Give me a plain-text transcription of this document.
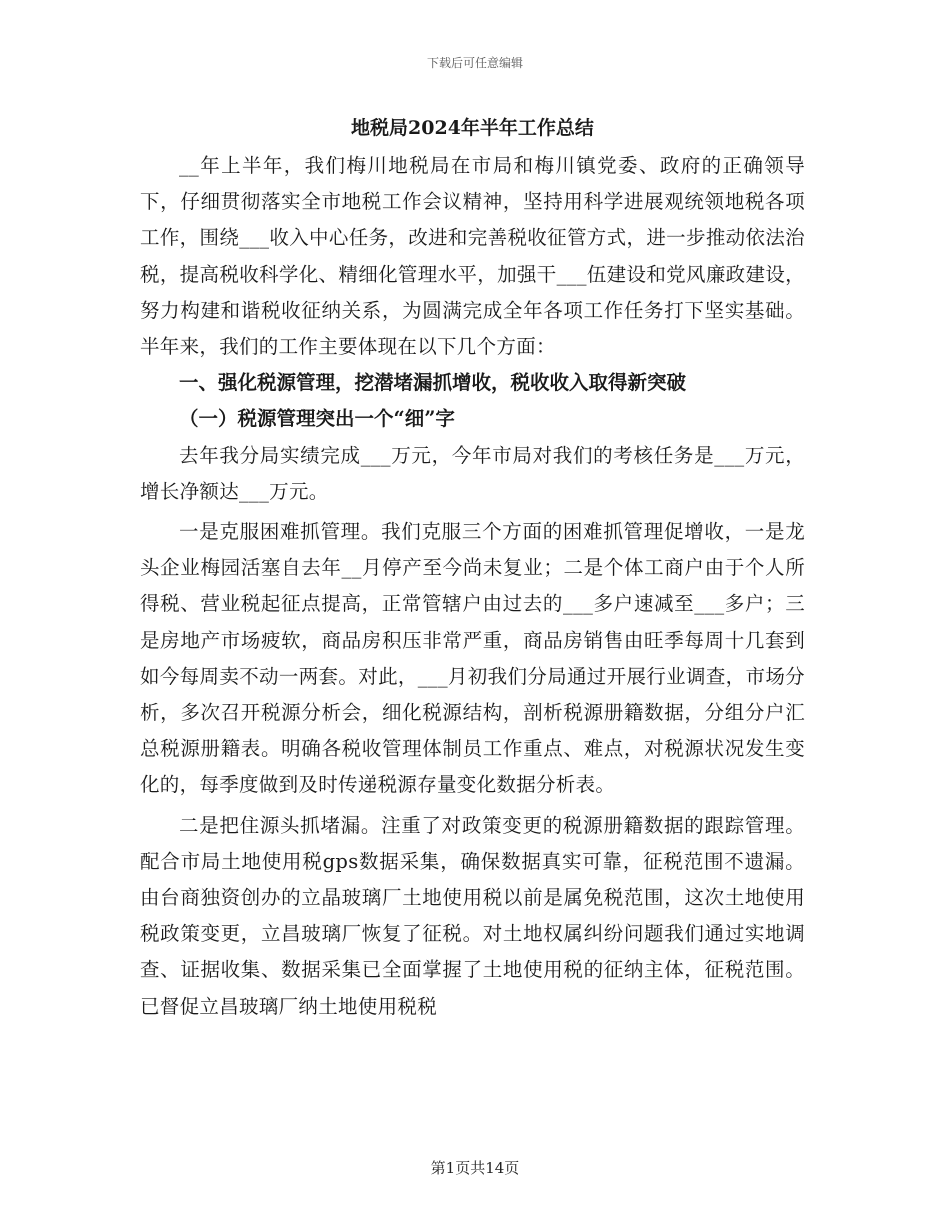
下载后可任意编辑
地税局2024年半年工作总结

__年上半年，我们梅川地税局在市局和梅川镇党委、政府的正确领导下，仔细贯彻落实全市地税工作会议精神，坚持用科学进展观统领地税各项工作，围绕___收入中心任务，改进和完善税收征管方式，进一步推动依法治税，提高税收科学化、精细化管理水平，加强干___伍建设和党风廉政建设，努力构建和谐税收征纳关系，为圆满完成全年各项工作任务打下坚实基础。半年来，我们的工作主要体现在以下几个方面：

一、强化税源管理，挖潜堵漏抓增收，税收收入取得新突破

（一）税源管理突出一个“细”字

去年我分局实绩完成___万元，今年市局对我们的考核任务是___万元，增长净额达___万元。

一是克服困难抓管理。我们克服三个方面的困难抓管理促增收，一是龙头企业梅园活塞自去年__月停产至今尚未复业；二是个体工商户由于个人所得税、营业税起征点提高，正常管辖户由过去的___多户速减至___多户；三是房地产市场疲软，商品房积压非常严重，商品房销售由旺季每周十几套到如今每周卖不动一两套。对此，___月初我们分局通过开展行业调查，市场分析，多次召开税源分析会，细化税源结构，剖析税源册籍数据，分组分户汇总税源册籍表。明确各税收管理体制员工作重点、难点，对税源状况发生变化的，每季度做到及时传递税源存量变化数据分析表。

二是把住源头抓堵漏。注重了对政策变更的税源册籍数据的跟踪管理。配合市局土地使用税gps数据采集，确保数据真实可靠，征税范围不遗漏。由台商独资创办的立晶玻璃厂土地使用税以前是属免税范围，这次土地使用税政策变更，立昌玻璃厂恢复了征税。对土地权属纠纷问题我们通过实地调查、证据收集、数据采集已全面掌握了土地使用税的征纳主体，征税范围。已督促立昌玻璃厂纳土地使用税税

第1页共14页
